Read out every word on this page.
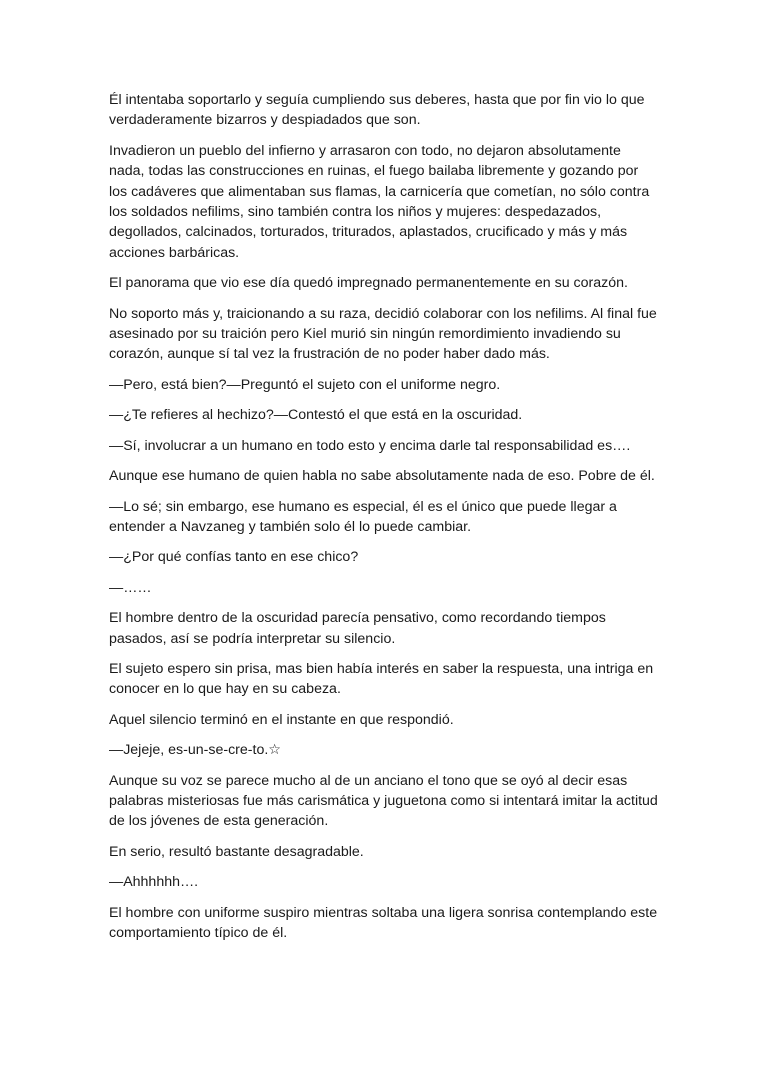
Él intentaba soportarlo y seguía cumpliendo sus deberes, hasta que por fin vio lo que verdaderamente bizarros y despiadados que son.

Invadieron un pueblo del infierno y arrasaron con todo, no dejaron absolutamente nada, todas las construcciones en ruinas, el fuego bailaba libremente y gozando por los cadáveres que alimentaban sus flamas, la carnicería que cometían, no sólo contra los soldados nefilims, sino también contra los niños y mujeres: despedazados, degollados, calcinados, torturados, triturados, aplastados, crucificado y más y más acciones barbáricas.

El panorama que vio ese día quedó impregnado permanentemente en su corazón.

No soporto más y, traicionando a su raza, decidió colaborar con los nefilims. Al final fue asesinado por su traición pero Kiel murió sin ningún remordimiento invadiendo su corazón, aunque sí tal vez la frustración de no poder haber dado más.

—Pero, está bien?—Preguntó el sujeto con el uniforme negro.

—¿Te refieres al hechizo?—Contestó el que está en la oscuridad.

—Sí, involucrar a un humano en todo esto y encima darle tal responsabilidad es….

Aunque ese humano de quien habla no sabe absolutamente nada de eso. Pobre de él.

—Lo sé; sin embargo, ese humano es especial, él es el único que puede llegar a entender a Navzaneg y también solo él lo puede cambiar.

—¿Por qué confías tanto en ese chico?

—……

El hombre dentro de la oscuridad parecía pensativo, como recordando tiempos pasados, así se podría interpretar su silencio.

El sujeto espero sin prisa, mas bien había interés en saber la respuesta, una intriga en conocer en lo que hay en su cabeza.

Aquel silencio terminó en el instante en que respondió.

—Jejeje, es-un-se-cre-to.☆

Aunque su voz se parece mucho al de un anciano el tono que se oyó al decir esas palabras misteriosas fue más carismática y juguetona como si intentará imitar la actitud de los jóvenes de esta generación.

En serio, resultó bastante desagradable.

—Ahhhhhh….

El hombre con uniforme suspiro mientras soltaba una ligera sonrisa contemplando este comportamiento típico de él.
